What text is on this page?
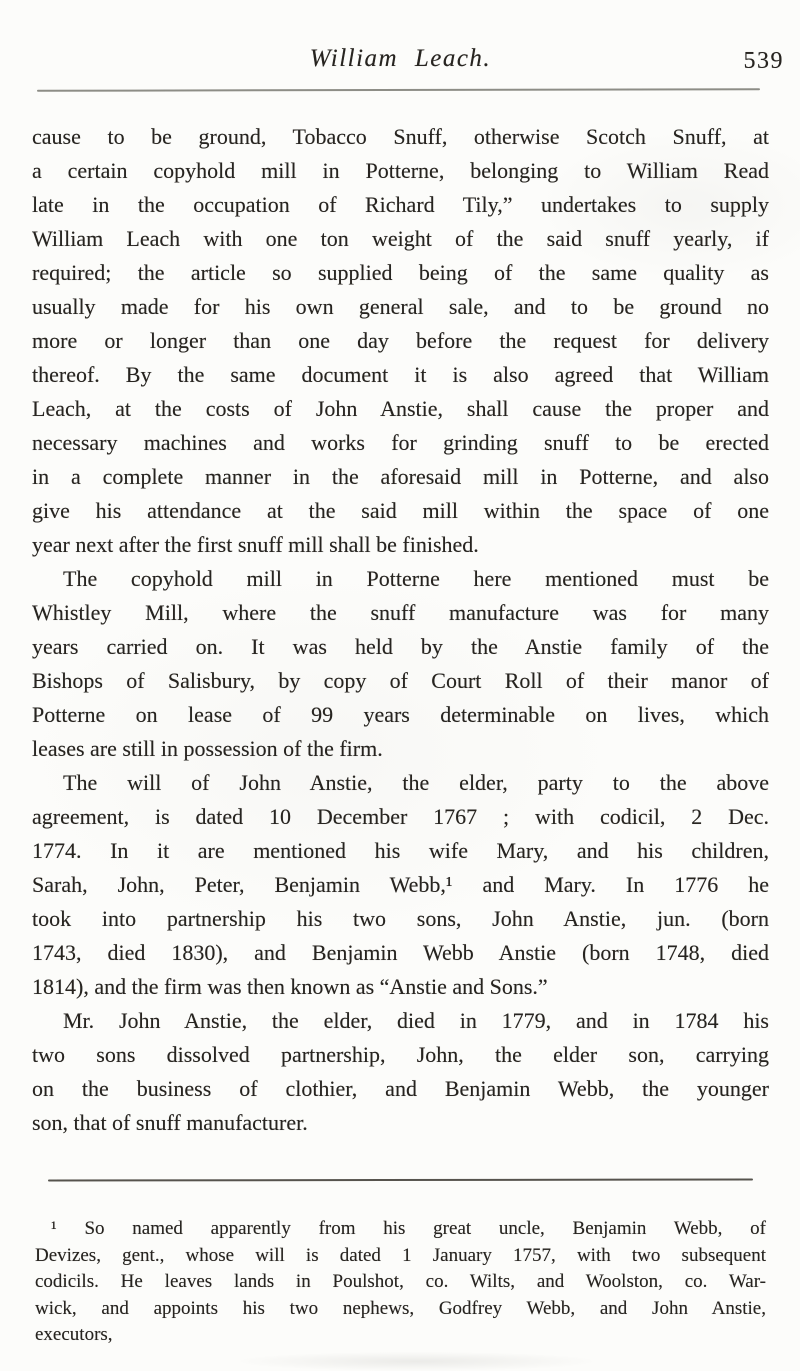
William Leach.	539
cause to be ground, Tobacco Snuff, otherwise Scotch Snuff, at
a certain copyhold mill in Potterne, belonging to William Read
late in the occupation of Richard Tily,” undertakes to supply
William Leach with one ton weight of the said snuff yearly, if
required; the article so supplied being of the same quality as
usually made for his own general sale, and to be ground no
more or longer than one day before the request for delivery
thereof. By the same document it is also agreed that William
Leach, at the costs of John Anstie, shall cause the proper and
necessary machines and works for grinding snuff to be erected
in a complete manner in the aforesaid mill in Potterne, and also
give his attendance at the said mill within the space of one
year next after the first snuff mill shall be finished.
The copyhold mill in Potterne here mentioned must be
Whistley Mill, where the snuff manufacture was for many
years carried on. It was held by the Anstie family of the
Bishops of Salisbury, by copy of Court Roll of their manor of
Potterne on lease of 99 years determinable on lives, which
leases are still in possession of the firm.
The will of John Anstie, the elder, party to the above
agreement, is dated 10 December 1767 ; with codicil, 2 Dec.
1774. In it are mentioned his wife Mary, and his children,
Sarah, John, Peter, Benjamin Webb,¹ and Mary. In 1776 he
took into partnership his two sons, John Anstie, jun. (born
1743, died 1830), and Benjamin Webb Anstie (born 1748, died
1814), and the firm was then known as “Anstie and Sons.”
Mr. John Anstie, the elder, died in 1779, and in 1784 his
two sons dissolved partnership, John, the elder son, carrying
on the business of clothier, and Benjamin Webb, the younger
son, that of snuff manufacturer.
¹ So named apparently from his great uncle, Benjamin Webb, of
Devizes, gent., whose will is dated 1 January 1757, with two subsequent
codicils. He leaves lands in Poulshot, co. Wilts, and Woolston, co. War-
wick, and appoints his two nephews, Godfrey Webb, and John Anstie,
executors,
